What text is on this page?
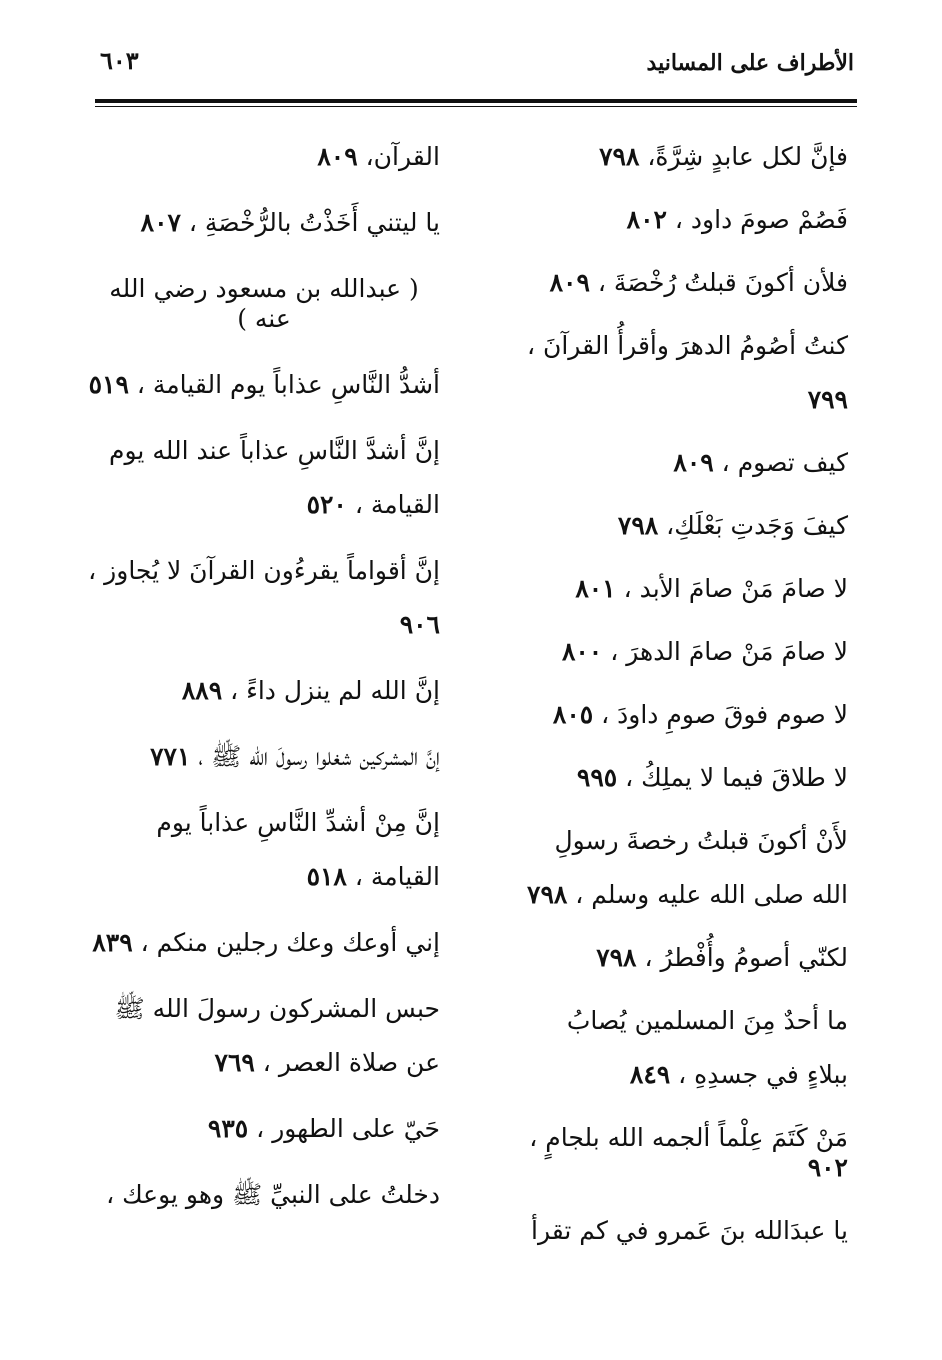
الأطراف على المسانيد
٦٠٣

فإنَّ لكل عابدٍ شِرَّةً، ٧٩٨

فَصُمْ صومَ داود ، ٨٠٢

فلأن أكونَ قبلتُ رُخْصَةَ ، ٨٠٩

كنتُ أصُومُ الدهرَ وأقرأُ القرآنَ ، ٧٩٩

كيف تصوم ، ٨٠٩

كيفَ وَجَدتِ بَعْلَكِ، ٧٩٨

لا صامَ مَنْ صامَ الأبد ، ٨٠١

لا صامَ مَنْ صامَ الدهرَ ، ٨٠٠

لا صوم فوقَ صومِ داودَ ، ٨٠٥

لا طلاقَ فيما لا يملِكُ ، ٩٩٥

لأَنْ أكونَ قبلتُ رخصةَ رسولِ الله صلى الله عليه وسلم ، ٧٩٨

لكنّي أصومُ وأُفْطرُ ، ٧٩٨

ما أحدٌ مِنَ المسلمين يُصابُ ببلاءٍ في جسدِهِ ، ٨٤٩

مَنْ كَتَمَ عِلْماً ألجمه الله بلجامٍ ، ٩٠٢

يا عبدَالله بنَ عَمرو في كم تقرأ

القرآن، ٨٠٩

يا ليتني أَخَذْتُ بالرُّخْصَةِ ، ٨٠٧

( عبدالله بن مسعود رضي الله عنه )

أشدُّ النَّاسِ عذاباً يوم القيامة ، ٥١٩

إنَّ أشدَّ النَّاسِ عذاباً عند الله يوم القيامة ، ٥٢٠

إنَّ أقواماً يقرءُون القرآنَ لا يُجاوز ، ٩٠٦

إنَّ الله لم ينزل داءً ، ٨٨٩

إنَّ المشركين شغلوا رسولَ الله ﷺ ، ٧٧١

إنَّ مِنْ أشدِّ النَّاسِ عذاباً يوم القيامة ، ٥١٨

إني أوعك وعك رجلين منكم ، ٨٣٩

حبس المشركون رسولَ الله ﷺ عن صلاة العصر ، ٧٦٩

حَيّ على الطهور ، ٩٣٥

دخلتُ على النبيِّ ﷺ وهو يوعك ،
